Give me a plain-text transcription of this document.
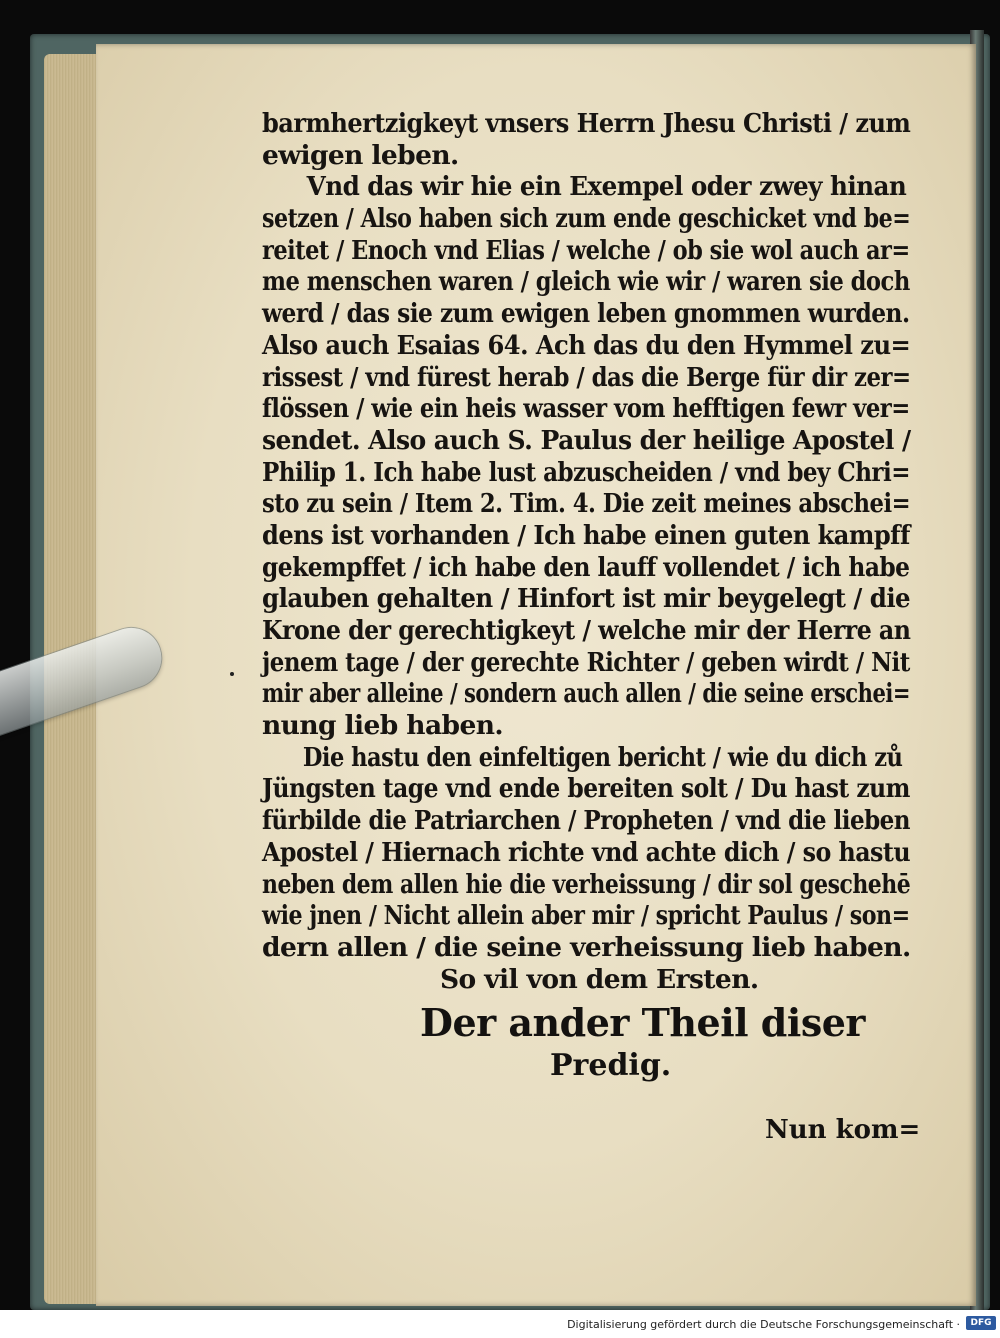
barmhertzigkeyt vnsers Herrn Jhesu Christi / zum
ewigen leben.
Vnd das wir hie ein Exempel oder zwey hinan
setzen / Also haben sich zum ende geschicket vnd be=
reitet / Enoch vnd Elias / welche / ob sie wol auch ar=
me menschen waren / gleich wie wir / waren sie doch
werd / das sie zum ewigen leben gnommen wurden.
Also auch Esaias 64. Ach das du den Hymmel zu=
rissest / vnd fürest herab / das die Berge für dir zer=
flössen / wie ein heis wasser vom hefftigen fewr ver=
sendet. Also auch S. Paulus der heilige Apostel /
Philip 1. Ich habe lust abzuscheiden / vnd bey Chri=
sto zu sein / Item 2. Tim. 4. Die zeit meines abschei=
dens ist vorhanden / Ich habe einen guten kampff
gekempffet / ich habe den lauff vollendet / ich habe
glauben gehalten / Hinfort ist mir beygelegt / die
Krone der gerechtigkeyt / welche mir der Herre an
jenem tage / der gerechte Richter / geben wirdt / Nit
mir aber alleine / sondern auch allen / die seine erschei=
nung lieb haben.
Die hastu den einfeltigen bericht / wie du dich zů
Jüngsten tage vnd ende bereiten solt / Du hast zum
fürbilde die Patriarchen / Propheten / vnd die lieben
Apostel / Hiernach richte vnd achte dich / so hastu
neben dem allen hie die verheissung / dir sol geschehē
wie jnen / Nicht allein aber mir / spricht Paulus / son=
dern allen / die seine verheissung lieb haben.
So vil von dem Ersten.
Der ander Theil diser
Predig.
Nun kom=
Digitalisierung gefördert durch die Deutsche Forschungsgemeinschaft ·	DFG
